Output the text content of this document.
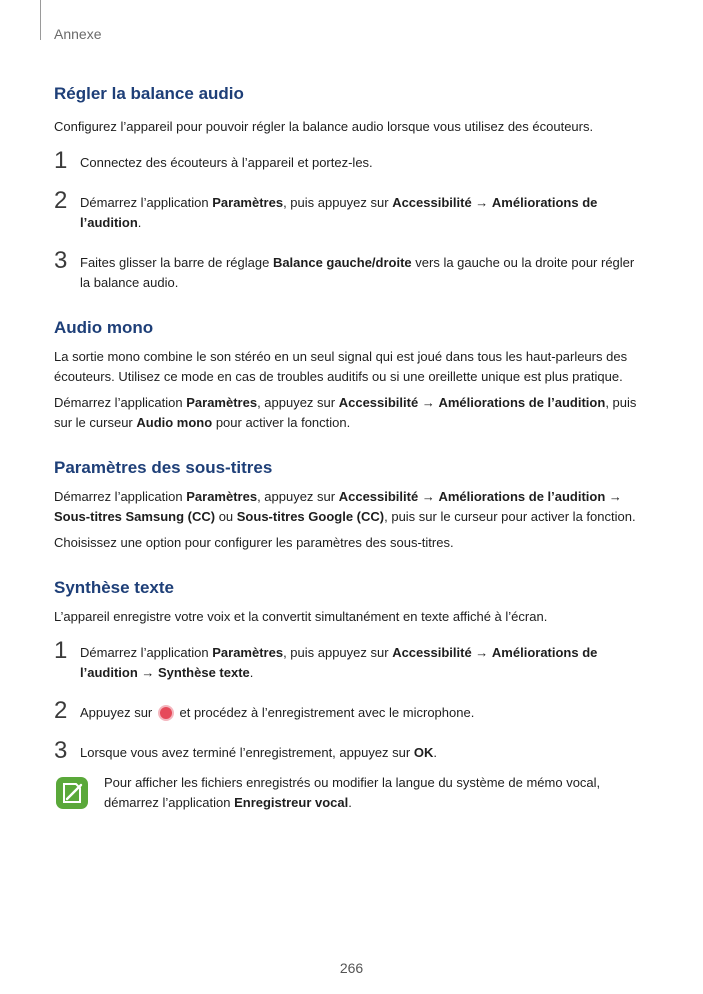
Annexe
Régler la balance audio

Configurez l’appareil pour pouvoir régler la balance audio lorsque vous utilisez des écouteurs.

1 Connectez des écouteurs à l’appareil et portez-les.

2 Démarrez l’application Paramètres, puis appuyez sur Accessibilité → Améliorations de l’audition.

3 Faites glisser la barre de réglage Balance gauche/droite vers la gauche ou la droite pour régler la balance audio.

Audio mono

La sortie mono combine le son stéréo en un seul signal qui est joué dans tous les haut-parleurs des écouteurs. Utilisez ce mode en cas de troubles auditifs ou si une oreillette unique est plus pratique.

Démarrez l’application Paramètres, appuyez sur Accessibilité → Améliorations de l’audition, puis sur le curseur Audio mono pour activer la fonction.

Paramètres des sous-titres

Démarrez l’application Paramètres, appuyez sur Accessibilité → Améliorations de l’audition → Sous-titres Samsung (CC) ou Sous-titres Google (CC), puis sur le curseur pour activer la fonction.

Choisissez une option pour configurer les paramètres des sous-titres.

Synthèse texte

L’appareil enregistre votre voix et la convertit simultanément en texte affiché à l’écran.

1 Démarrez l’application Paramètres, puis appuyez sur Accessibilité → Améliorations de l’audition → Synthèse texte.

2 Appuyez sur  et procédez à l’enregistrement avec le microphone.

3 Lorsque vous avez terminé l’enregistrement, appuyez sur OK.

Pour afficher les fichiers enregistrés ou modifier la langue du système de mémo vocal, démarrez l’application Enregistreur vocal.

266
